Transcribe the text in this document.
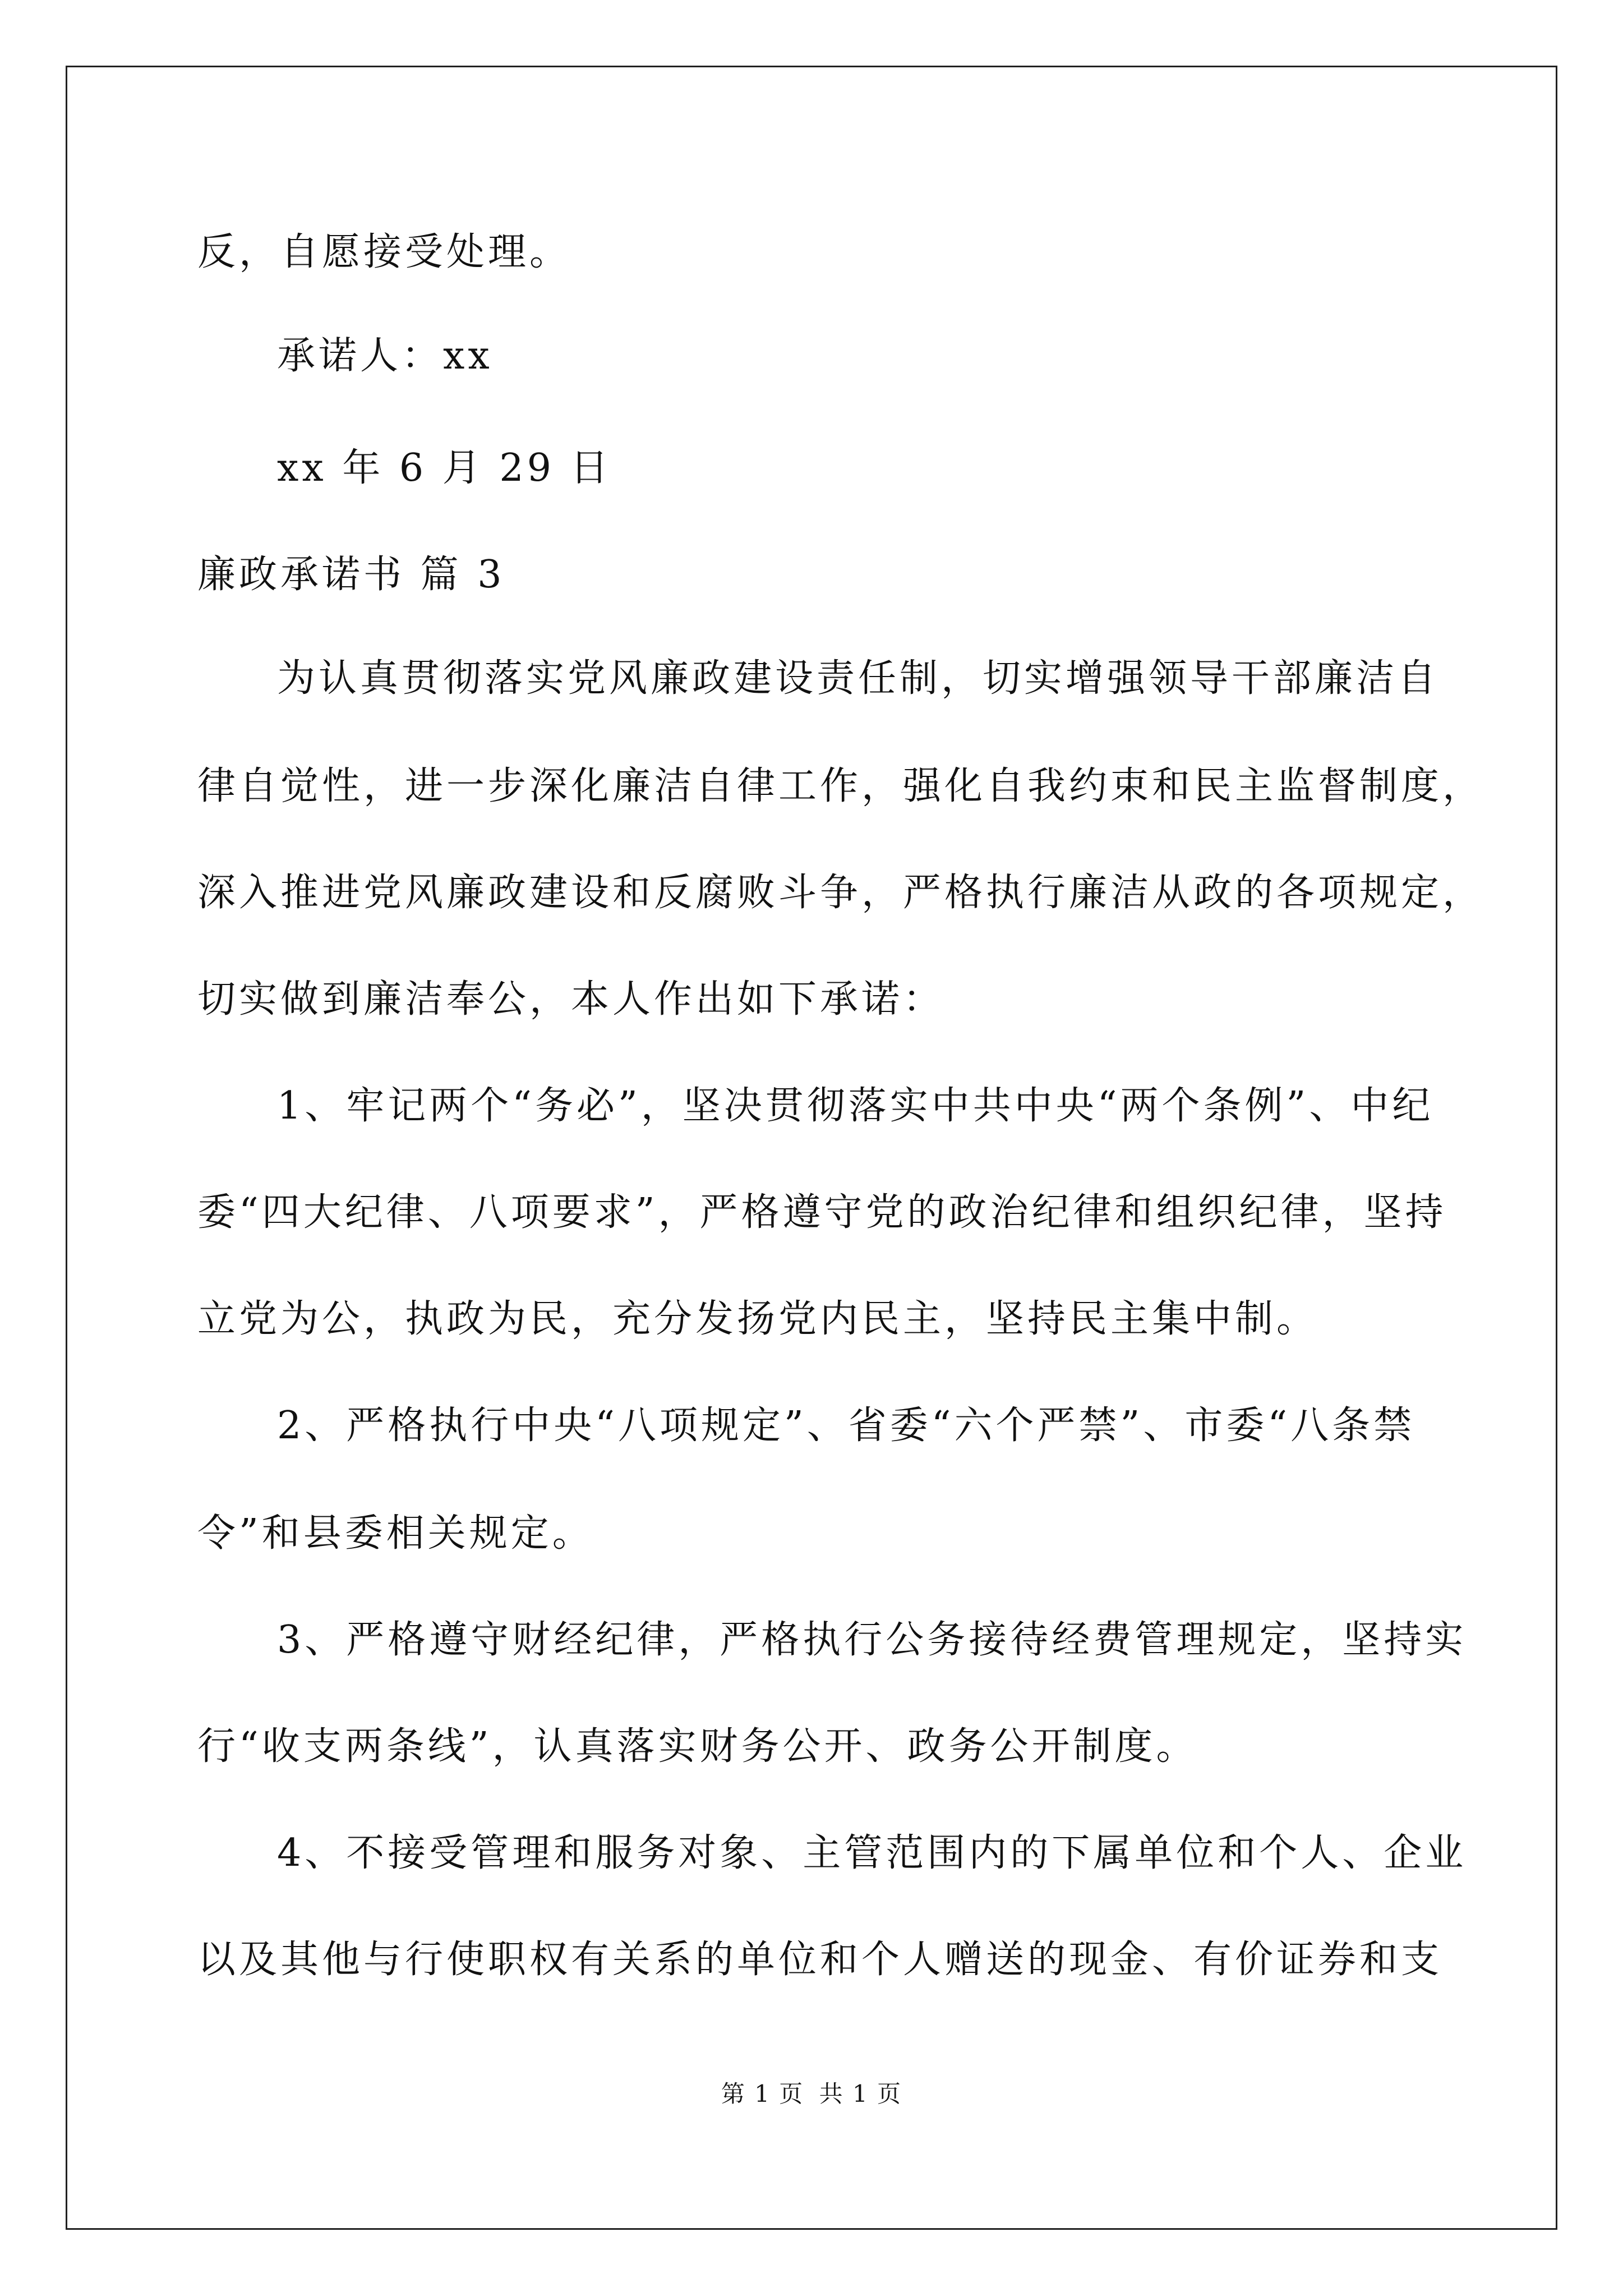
反，自愿接受处理。
承诺人：xx
xx 年 6 月 29 日
廉政承诺书 篇 3
为认真贯彻落实党风廉政建设责任制，切实增强领导干部廉洁自
律自觉性，进一步深化廉洁自律工作，强化自我约束和民主监督制度，
深入推进党风廉政建设和反腐败斗争，严格执行廉洁从政的各项规定，
切实做到廉洁奉公，本人作出如下承诺：
1、牢记两个“务必”，坚决贯彻落实中共中央“两个条例”、中纪
委“四大纪律、八项要求”，严格遵守党的政治纪律和组织纪律，坚持
立党为公，执政为民，充分发扬党内民主，坚持民主集中制。
2、严格执行中央“八项规定”、省委“六个严禁”、市委“八条禁
令”和县委相关规定。
3、严格遵守财经纪律，严格执行公务接待经费管理规定，坚持实
行“收支两条线”，认真落实财务公开、政务公开制度。
4、不接受管理和服务对象、主管范围内的下属单位和个人、企业
以及其他与行使职权有关系的单位和个人赠送的现金、有价证券和支
第 1 页 共 1 页
